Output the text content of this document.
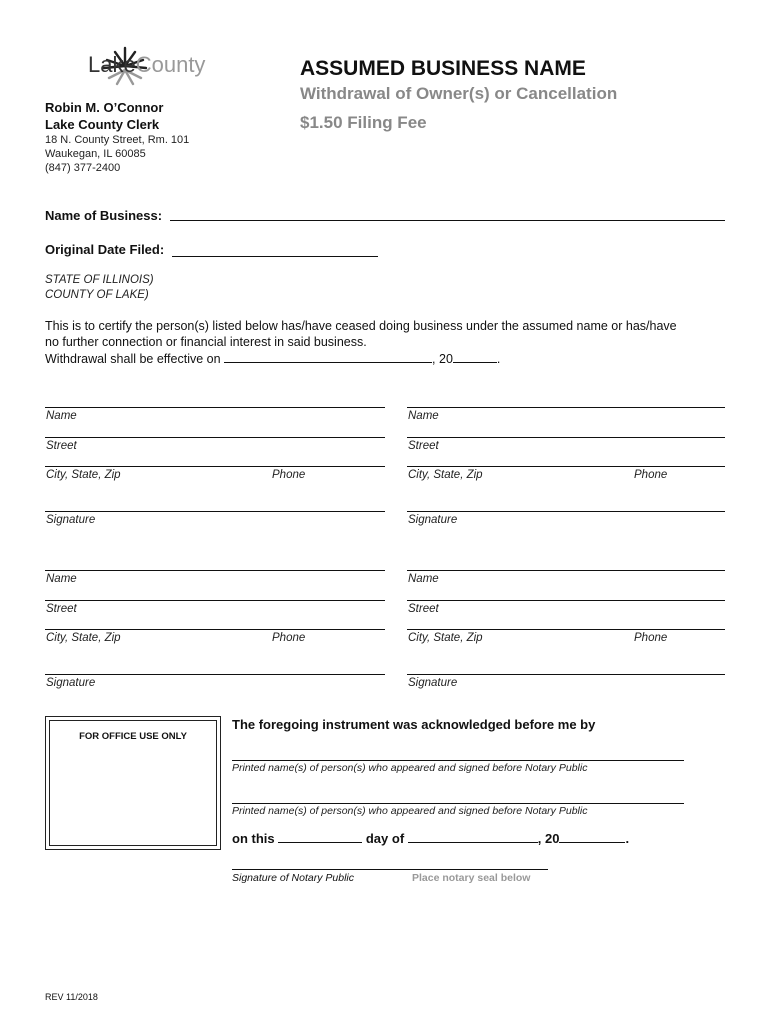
LakeCounty	ASSUMED BUSINESS NAME
Withdrawal of Owner(s) or Cancellation
$1.50 Filing Fee
Robin M. O’Connor
Lake County Clerk
18 N. County Street, Rm. 101
Waukegan, IL 60085
(847) 377-2400
Name of Business:
Original Date Filed:
STATE OF ILLINOIS)
COUNTY OF LAKE)
This is to certify the person(s) listed below has/have ceased doing business under the assumed name or has/have
no further connection or financial interest in said business.
Withdrawal shall be effective on	, 20	.
Name
Street
City, State, Zip	Phone
Signature
Name
Street
City, State, Zip	Phone
Signature
Name
Street
City, State, Zip	Phone
Signature
Name
Street
City, State, Zip	Phone
Signature
FOR OFFICE USE ONLY
The foregoing instrument was acknowledged before me by
Printed name(s) of person(s) who appeared and signed before Notary Public
Printed name(s) of person(s) who appeared and signed before Notary Public
on this	day of	, 20	.
Signature of Notary Public	Place notary seal below
REV 11/2018
